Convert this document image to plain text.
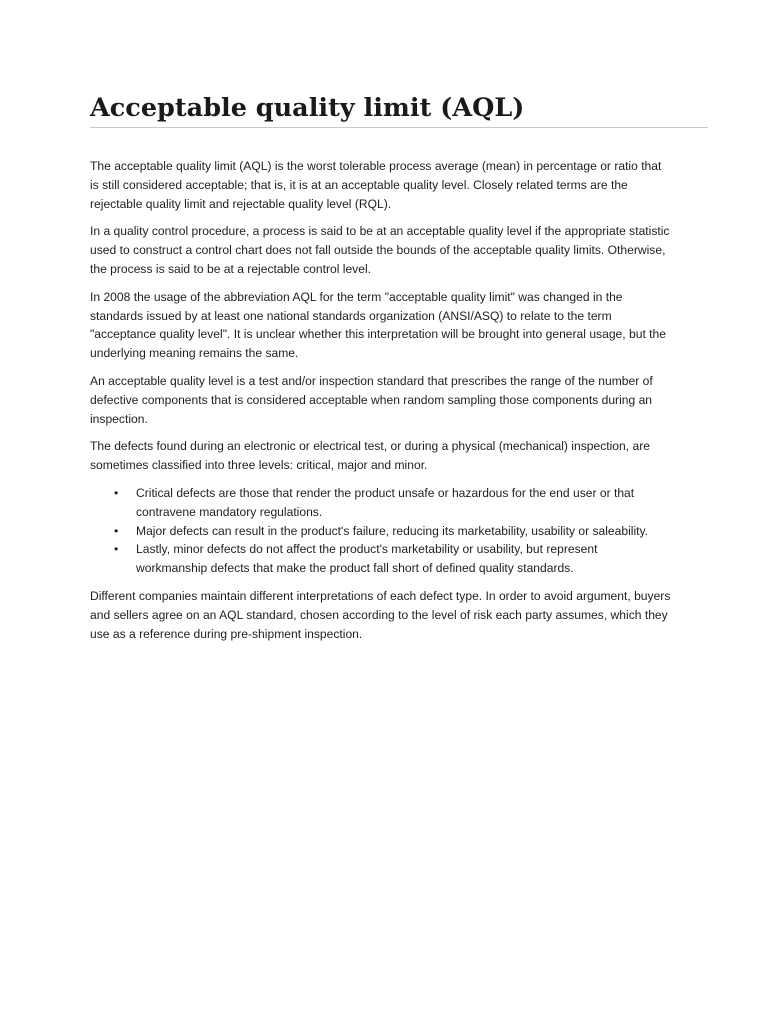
Acceptable quality limit (AQL)

The acceptable quality limit (AQL) is the worst tolerable process average (mean) in percentage or ratio that is still considered acceptable; that is, it is at an acceptable quality level. Closely related terms are the rejectable quality limit and rejectable quality level (RQL).

In a quality control procedure, a process is said to be at an acceptable quality level if the appropriate statistic used to construct a control chart does not fall outside the bounds of the acceptable quality limits. Otherwise, the process is said to be at a rejectable control level.

In 2008 the usage of the abbreviation AQL for the term "acceptable quality limit" was changed in the standards issued by at least one national standards organization (ANSI/ASQ) to relate to the term "acceptance quality level". It is unclear whether this interpretation will be brought into general usage, but the underlying meaning remains the same.

An acceptable quality level is a test and/or inspection standard that prescribes the range of the number of defective components that is considered acceptable when random sampling those components during an inspection.

The defects found during an electronic or electrical test, or during a physical (mechanical) inspection, are sometimes classified into three levels: critical, major and minor.

•	Critical defects are those that render the product unsafe or hazardous for the end user or that contravene mandatory regulations.
•	Major defects can result in the product's failure, reducing its marketability, usability or saleability.
•	Lastly, minor defects do not affect the product's marketability or usability, but represent workmanship defects that make the product fall short of defined quality standards.

Different companies maintain different interpretations of each defect type. In order to avoid argument, buyers and sellers agree on an AQL standard, chosen according to the level of risk each party assumes, which they use as a reference during pre-shipment inspection.
